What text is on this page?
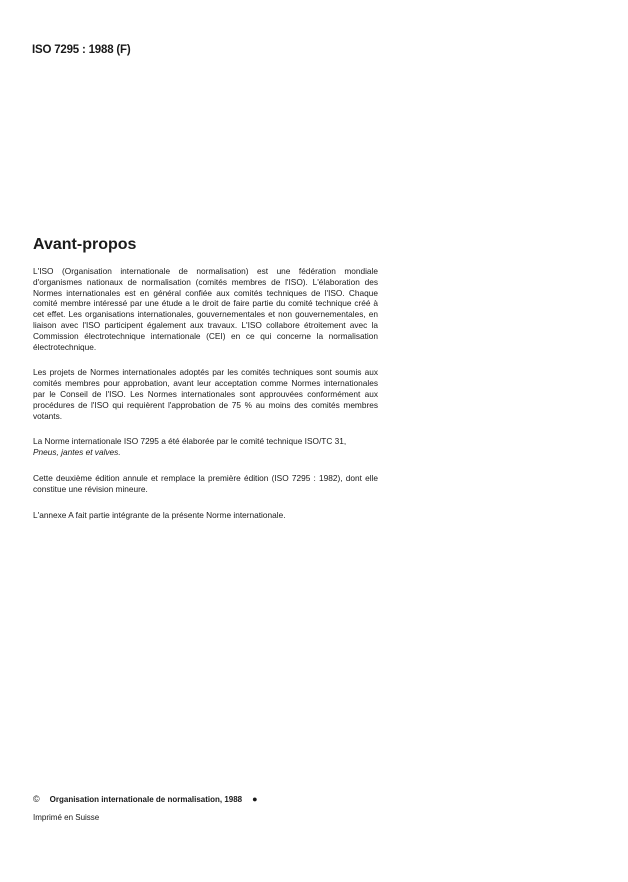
ISO 7295 : 1988 (F)
Avant-propos

L'ISO (Organisation internationale de normalisation) est une fédération mondiale d'organismes nationaux de normalisation (comités membres de l'ISO). L'élaboration des Normes internationales est en général confiée aux comités techniques de l'ISO. Chaque comité membre intéressé par une étude a le droit de faire partie du comité technique créé à cet effet. Les organisations internationales, gouvernementales et non gouvernementales, en liaison avec l'ISO participent également aux travaux. L'ISO collabore étroitement avec la Commission électrotechnique internationale (CEI) en ce qui concerne la normalisation électrotechnique.

Les projets de Normes internationales adoptés par les comités techniques sont soumis aux comités membres pour approbation, avant leur acceptation comme Normes internationales par le Conseil de l'ISO. Les Normes internationales sont approuvées conformément aux procédures de l'ISO qui requièrent l'approbation de 75 % au moins des comités membres votants.

La Norme internationale ISO 7295 a été élaborée par le comité technique ISO/TC 31,
Pneus, jantes et valves.

Cette deuxième édition annule et remplace la première édition (ISO 7295 : 1982), dont elle constitue une révision mineure.

L'annexe A fait partie intégrante de la présente Norme internationale.

© Organisation internationale de normalisation, 1988 ●
Imprimé en Suisse
